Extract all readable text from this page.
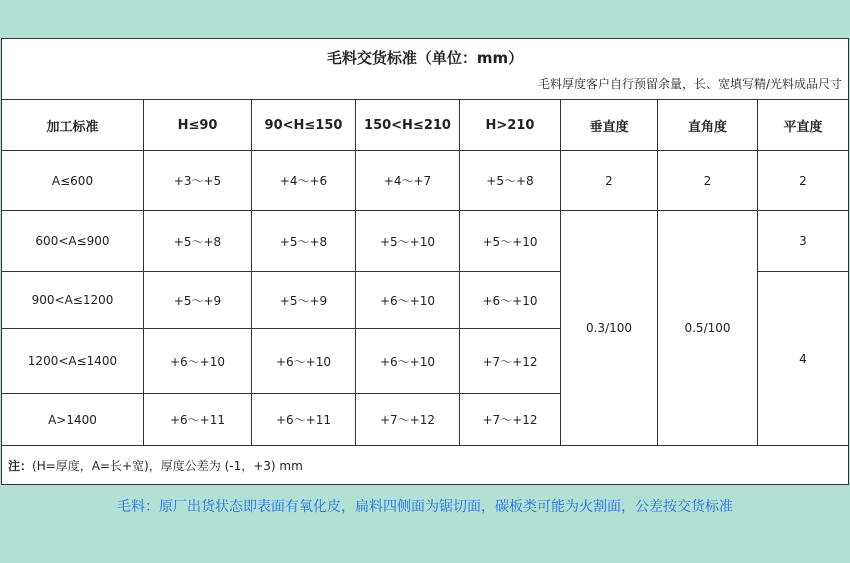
毛料交货标准（单位：mm）
毛料厚度客户自行预留余量，长、宽填写精/光料成品尺寸							

加工标准	H≤90	90<H≤150	150<H≤210	H>210	垂直度	直角度	平直度
A≤600	+3～+5	+4～+6	+4～+7	+5～+8	2	2	2
600<A≤900	+5～+8	+5～+8	+5～+10	+5～+10	0.3/100	0.5/100	3
900<A≤1200	+5～+9	+5～+9	+6～+10	+6～+10			4
1200<A≤1400	+6～+10	+6～+10	+6～+10	+7～+12			
A>1400	+6～+11	+6～+11	+7～+12	+7～+12			
注：(H=厚度，A=长+宽)，厚度公差为 (-1，+3) mm							
毛料：原厂出货状态即表面有氧化皮，扁料四侧面为锯切面，碳板类可能为火割面，公差按交货标准
